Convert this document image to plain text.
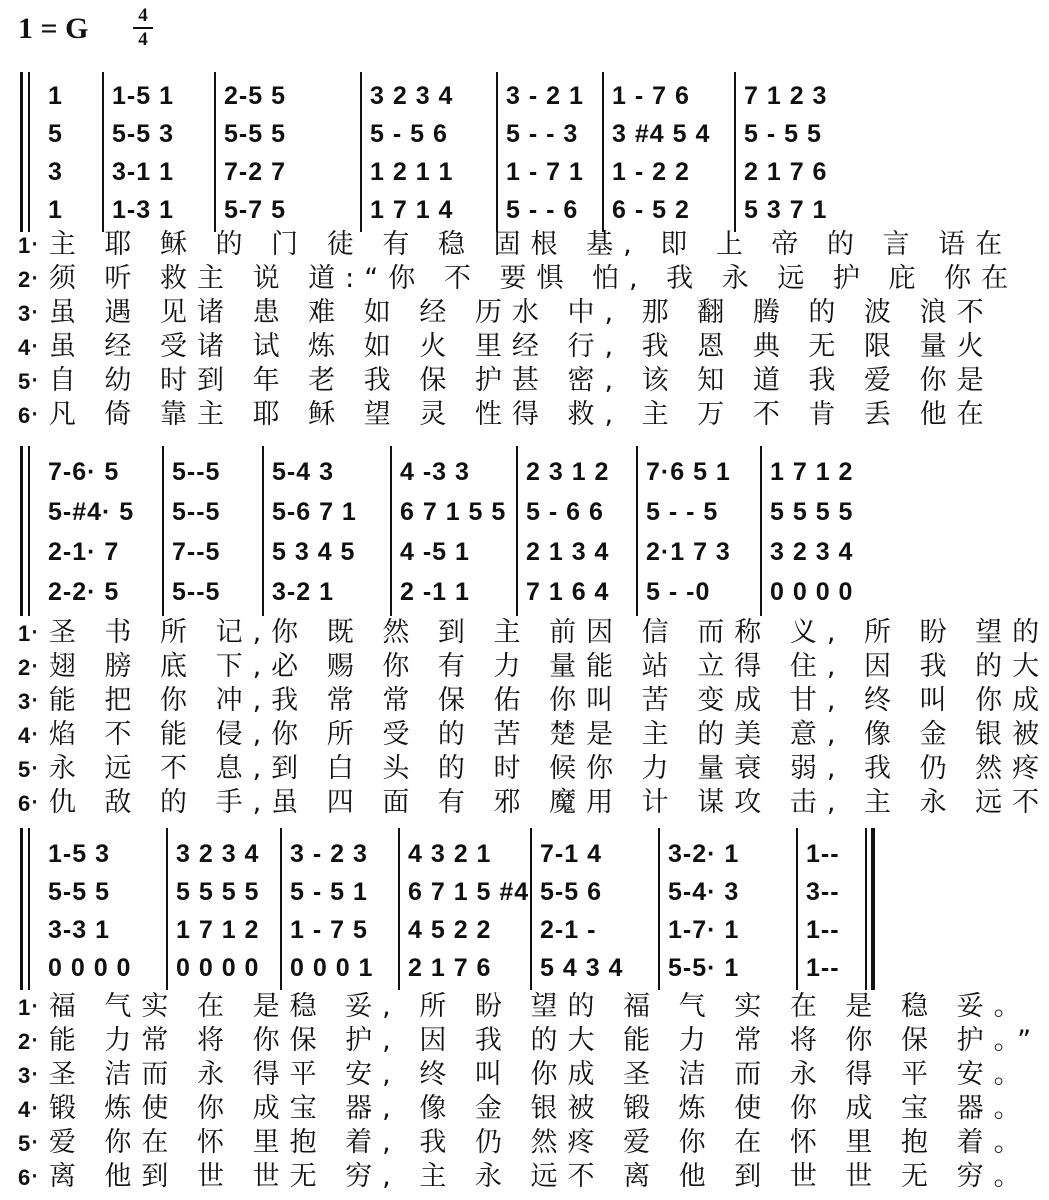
1 = G	4
4
1
5
3
1
1-5 1
5-5 3
3-1 1
1-3 1
2-5 5
5-5 5
7-2 7
5-7 5
3 2 3 4
5 - 5 6
1 2 1 1
1 7 1 4
3 - 2 1
5 - - 3
1 - 7 1
5 - - 6
1 - 7 6
3 #4 5 4
1 - 2 2
6 - 5 2
7 1 2 3
5 - 5 5
2 1 7 6
5 3 7 1
1·主 耶 稣 的 门 徒 有 稳 固根 基, 即 上 帝 的 言 语在
2·须 听 救主 说 道:“你 不 要惧 怕, 我 永 远 护 庇 你在
3·虽 遇 见诸 患 难 如 经 历水 中, 那 翻 腾 的 波 浪不
4·虽 经 受诸 试 炼 如 火 里经 行, 我 恩 典 无 限 量火
5·自 幼 时到 年 老 我 保 护甚 密, 该 知 道 我 爱 你是
6·凡 倚 靠主 耶 稣 望 灵 性得 救, 主 万 不 肯 丢 他在
7-6· 5
5-#4· 5
2-1· 7
2-2· 5
5--5
5--5
7--5
5--5
5-4 3
5-6 7 1
5 3 4 5
3-2 1
4 -3 3
6 7 1 5 5
4 -5 1
2 -1 1
2 3 1 2
5 - 6 6
2 1 3 4
7 1 6 4
7·6 5 1
5 - - 5
2·1 7 3
5 - -0
1 7 1 2
5 5 5 5
3 2 3 4
0 0 0 0
1·圣 书 所 记,你 既 然 到 主 前因 信 而称 义, 所 盼 望的
2·翅 膀 底 下,必 赐 你 有 力 量能 站 立得 住, 因 我 的大
3·能 把 你 冲,我 常 常 保 佑 你叫 苦 变成 甘, 终 叫 你成
4·焰 不 能 侵,你 所 受 的 苦 楚是 主 的美 意, 像 金 银被
5·永 远 不 息,到 白 头 的 时 候你 力 量衰 弱, 我 仍 然疼
6·仇 敌 的 手,虽 四 面 有 邪 魔用 计 谋攻 击, 主 永 远不
1-5 3
5-5 5
3-3 1
0 0 0 0
3 2 3 4
5 5 5 5
1 7 1 2
0 0 0 0
3 - 2 3
5 - 5 1
1 - 7 5
0 0 0 1
4 3 2 1
6 7 1 5 #4
4 5 2 2
2 1 7 6
7-1 4
5-5 6
2-1 -
5 4 3 4
3-2· 1
5-4· 3
1-7· 1
5-5· 1
1--
3--
1--
1--
1·福 气实 在 是稳 妥, 所 盼 望的 福 气 实 在 是 稳 妥。
2·能 力常 将 你保 护, 因 我 的大 能 力 常 将 你 保 护。”
3·圣 洁而 永 得平 安, 终 叫 你成 圣 洁 而 永 得 平 安。
4·锻 炼使 你 成宝 器, 像 金 银被 锻 炼 使 你 成 宝 器。
5·爱 你在 怀 里抱 着, 我 仍 然疼 爱 你 在 怀 里 抱 着。
6·离 他到 世 世无 穷, 主 永 远不 离 他 到 世 世 无 穷。
